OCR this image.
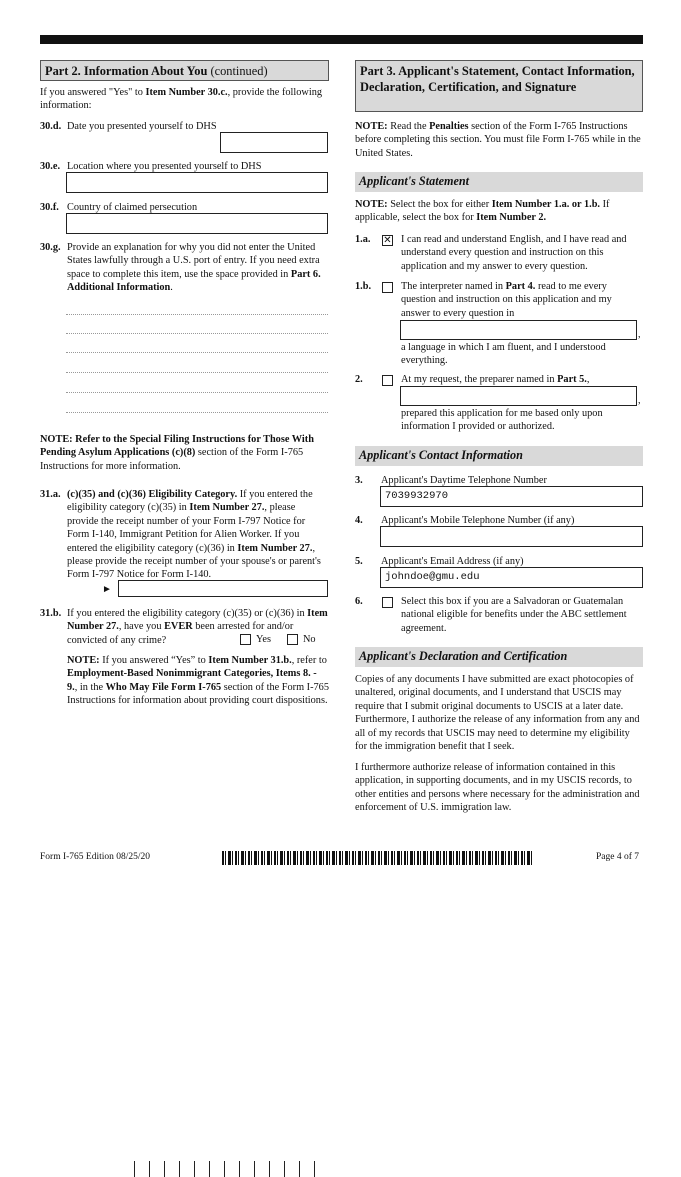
Part 2. Information About You (continued)
If you answered "Yes" to Item Number 30.c., provide the following information:
30.d. Date you presented yourself to DHS
30.e. Location where you presented yourself to DHS
30.f. Country of claimed persecution
30.g. Provide an explanation for why you did not enter the United States lawfully through a U.S. port of entry. If you need extra space to complete this item, use the space provided in Part 6. Additional Information.
NOTE: Refer to the Special Filing Instructions for Those With Pending Asylum Applications (c)(8) section of the Form I-765 Instructions for more information.
31.a. (c)(35) and (c)(36) Eligibility Category. If you entered the eligibility category (c)(35) in Item Number 27., please provide the receipt number of your Form I-797 Notice for Form I-140, Immigrant Petition for Alien Worker. If you entered the eligibility category (c)(36) in Item Number 27., please provide the receipt number of your spouse's or parent's Form I-797 Notice for Form I-140.
►
31.b. If you entered the eligibility category (c)(35) or (c)(36) in Item Number 27., have you EVER been arrested for and/or convicted of any crime?	Yes	No
NOTE: If you answered “Yes” to Item Number 31.b., refer to Employment-Based Nonimmigrant Categories, Items 8. - 9., in the Who May File Form I-765 section of the Form I-765 Instructions for information about providing court dispositions.
Part 3. Applicant's Statement, Contact Information, Declaration, Certification, and Signature
NOTE: Read the Penalties section of the Form I-765 Instructions before completing this section. You must file Form I-765 while in the United States.
Applicant's Statement
NOTE: Select the box for either Item Number 1.a. or 1.b. If applicable, select the box for Item Number 2.
1.a. ✕ I can read and understand English, and I have read and understand every question and instruction on this application and my answer to every question.
1.b.	The interpreter named in Part 4. read to me every question and instruction on this application and my answer to every question in
,
a language in which I am fluent, and I understood everything.
2.	At my request, the preparer named in Part 5.,
,
prepared this application for me based only upon information I provided or authorized.
Applicant's Contact Information
3. Applicant's Daytime Telephone Number
7039932970
4. Applicant's Mobile Telephone Number (if any)
5. Applicant's Email Address (if any)
johndoe@gmu.edu
6.	Select this box if you are a Salvadoran or Guatemalan national eligible for benefits under the ABC settlement agreement.
Applicant's Declaration and Certification
Copies of any documents I have submitted are exact photocopies of unaltered, original documents, and I understand that USCIS may require that I submit original documents to USCIS at a later date. Furthermore, I authorize the release of any information from any and all of my records that USCIS may need to determine my eligibility for the immigration benefit that I seek.
I furthermore authorize release of information contained in this application, in supporting documents, and in my USCIS records, to other entities and persons where necessary for the administration and enforcement of U.S. immigration law.
Form I-765 Edition 08/25/20	Page 4 of 7
